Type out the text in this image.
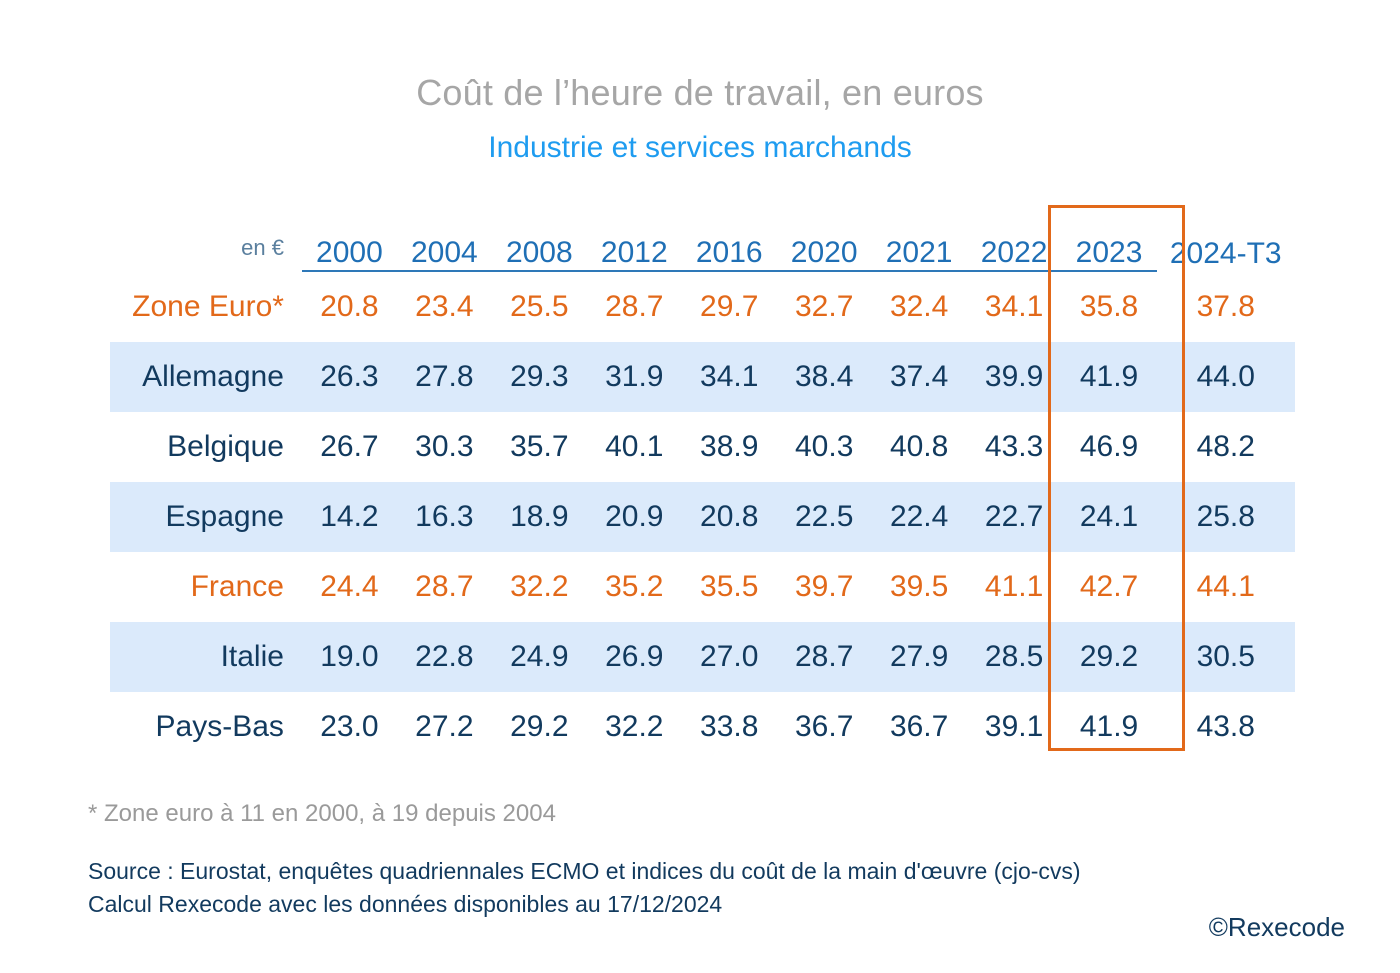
Coût de l’heure de travail, en euros
Industrie et services marchands
en €	2000	2004	2008	2012	2016	2020	2021	2022	2023	2024-T3
Zone Euro*	20.8	23.4	25.5	28.7	29.7	32.7	32.4	34.1	35.8	37.8
Allemagne	26.3	27.8	29.3	31.9	34.1	38.4	37.4	39.9	41.9	44.0
Belgique	26.7	30.3	35.7	40.1	38.9	40.3	40.8	43.3	46.9	48.2
Espagne	14.2	16.3	18.9	20.9	20.8	22.5	22.4	22.7	24.1	25.8
France	24.4	28.7	32.2	35.2	35.5	39.7	39.5	41.1	42.7	44.1
Italie	19.0	22.8	24.9	26.9	27.0	28.7	27.9	28.5	29.2	30.5
Pays-Bas	23.0	27.2	29.2	32.2	33.8	36.7	36.7	39.1	41.9	43.8
* Zone euro à 11 en 2000, à 19 depuis 2004
Source : Eurostat, enquêtes quadriennales ECMO et indices du coût de la main d'œuvre (cjo-cvs)
Calcul Rexecode avec les données disponibles au 17/12/2024
©Rexecode
